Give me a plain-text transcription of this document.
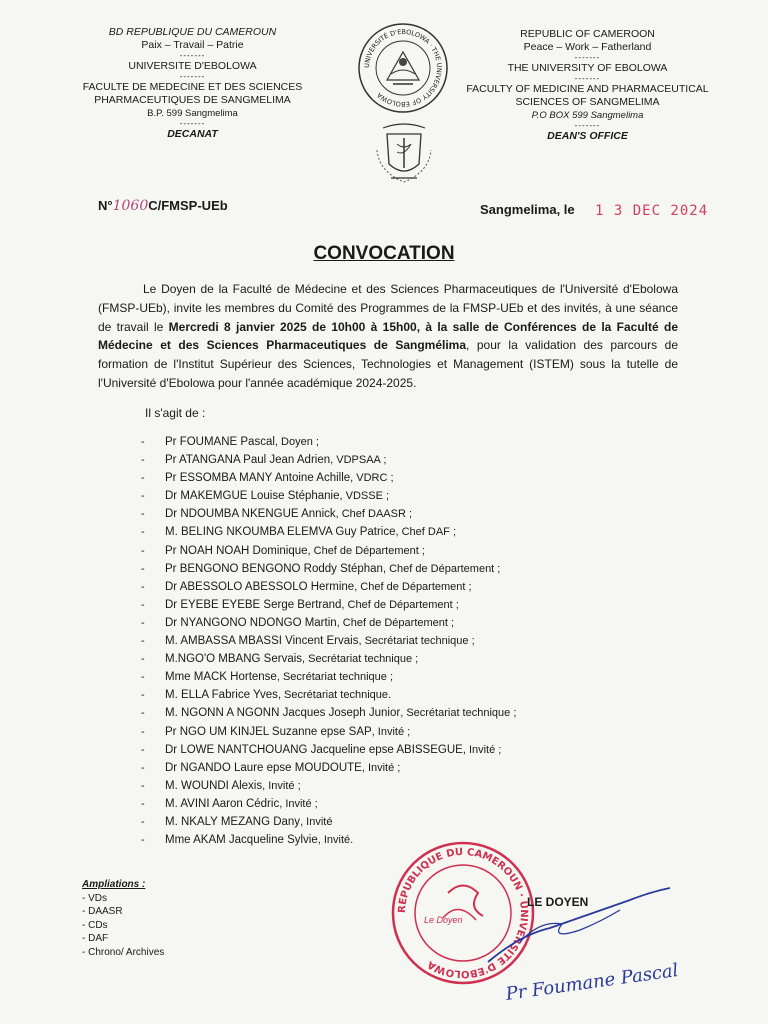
BD REPUBLIQUE DU CAMEROUN
Paix – Travail – Patrie
-------
UNIVERSITE D'EBOLOWA
-------
FACULTE DE MEDECINE ET DES SCIENCES
PHARMACEUTIQUES DE SANGMELIMA
B.P. 599 Sangmelima
-------
DECANAT
UNIVERSITÉ D'EBOLOWA · THE UNIVERSITY OF EBOLOWA
REPUBLIC OF CAMEROON
Peace – Work – Fatherland
-------
THE UNIVERSITY OF EBOLOWA
-------
FACULTY OF MEDICINE AND PHARMACEUTICAL
SCIENCES OF SANGMELIMA
P.O BOX 599 Sangmelima
-------
DEAN'S OFFICE
N°1060C/FMSP-UEb	Sangmelima, le 1 3 DEC 2024
CONVOCATION

Le Doyen de la Faculté de Médecine et des Sciences Pharmaceutiques de l'Université d'Ebolowa (FMSP-UEb), invite les membres du Comité des Programmes de la FMSP-UEb et des invités, à une séance de travail le Mercredi 8 janvier 2025 de 10h00 à 15h00, à la salle de Conférences de la Faculté de Médecine et des Sciences Pharmaceutiques de Sangmélima, pour la validation des parcours de formation de l'Institut Supérieur des Sciences, Technologies et Management (ISTEM) sous la tutelle de l'Université d'Ebolowa pour l'année académique 2024-2025.

Il s'agit de :
- Pr FOUMANE Pascal, Doyen ;
- Pr ATANGANA Paul Jean Adrien, VDPSAA ;
- Pr ESSOMBA MANY Antoine Achille, VDRC ;
- Dr MAKEMGUE Louise Stéphanie, VDSSE ;
- Dr NDOUMBA NKENGUE Annick, Chef DAASR ;
- M. BELING NKOUMBA ELEMVA Guy Patrice, Chef DAF ;
- Pr NOAH NOAH Dominique, Chef de Département ;
- Pr BENGONO BENGONO Roddy Stéphan, Chef de Département ;
- Dr ABESSOLO ABESSOLO Hermine, Chef de Département ;
- Dr EYEBE EYEBE Serge Bertrand, Chef de Département ;
- Dr NYANGONO NDONGO Martin, Chef de Département ;
- M. AMBASSA MBASSI Vincent Ervais, Secrétariat technique ;
- M.NGO'O MBANG Servais, Secrétariat technique ;
- Mme MACK Hortense, Secrétariat technique ;
- M. ELLA Fabrice Yves, Secrétariat technique.
- M. NGONN A NGONN Jacques Joseph Junior, Secrétariat technique ;
- Pr NGO UM KINJEL Suzanne epse SAP, Invité ;
- Dr LOWE NANTCHOUANG Jacqueline epse ABISSEGUE, Invité ;
- Dr NGANDO Laure epse MOUDOUTE, Invité ;
- M. WOUNDI Alexis, Invité ;
- M. AVINI Aaron Cédric, Invité ;
- M. NKALY MEZANG Dany, Invité
- Mme AKAM Jacqueline Sylvie, Invité.
Ampliations :
- VDs
- DAASR
- CDs
- DAF
- Chrono/ Archives
REPUBLIQUE DU CAMEROUN · UNIVERSITE D'EBOLOWA
Le Doyen
LE DOYEN
Pr Foumane Pascal
